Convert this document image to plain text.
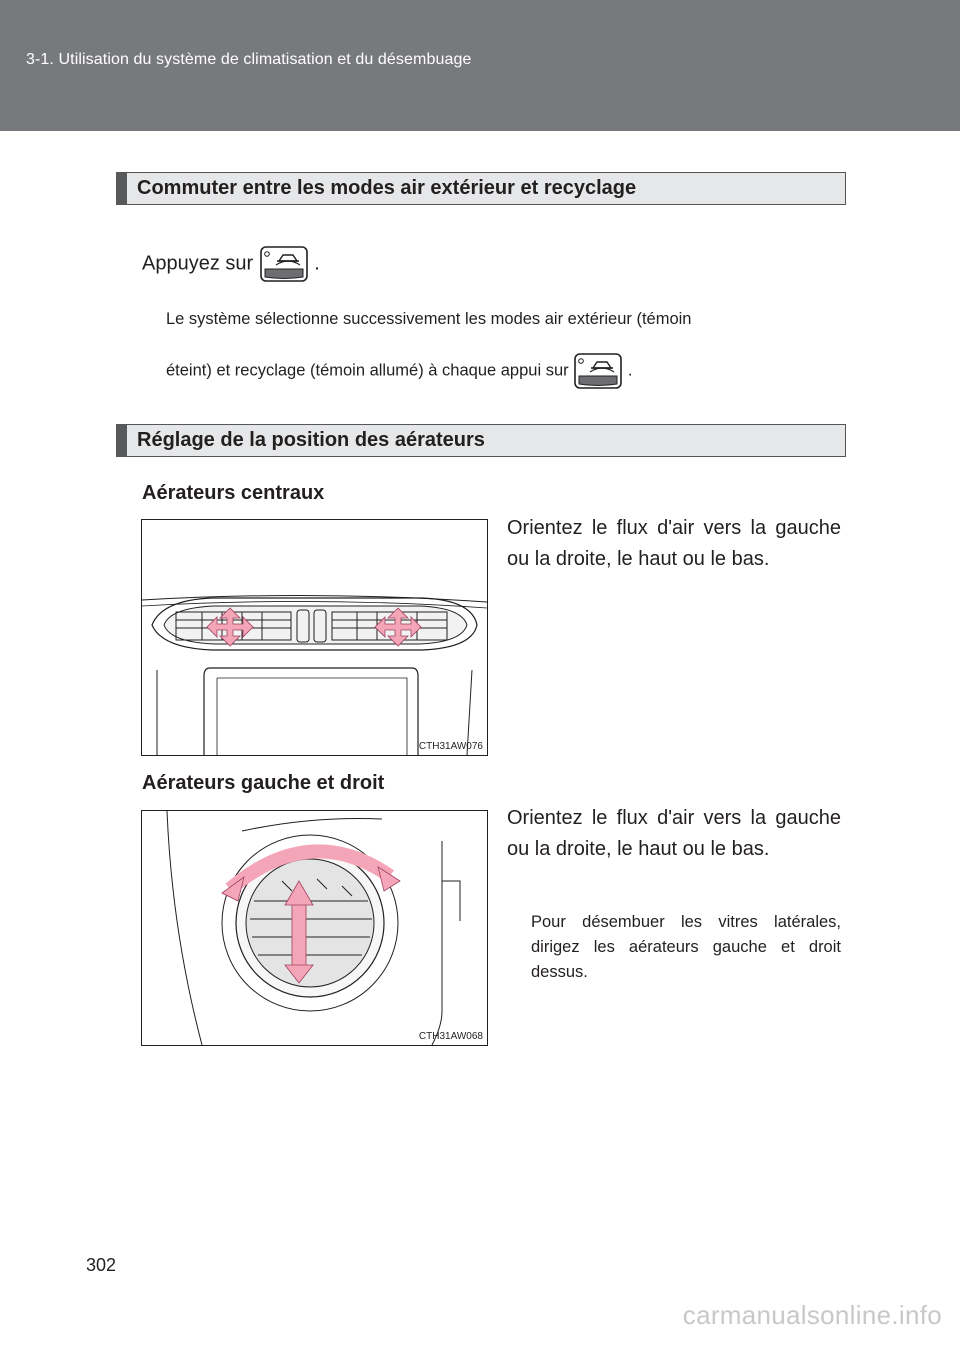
3-1. Utilisation du système de climatisation et du désembuage
Commuter entre les modes air extérieur et recyclage
Appuyez sur	.
Le système sélectionne successivement les modes air extérieur (témoin
éteint) et recyclage (témoin allumé) à chaque appui sur	.
Réglage de la position des aérateurs
Aérateurs centraux
CTH31AW076
Orientez le flux d'air vers la gauche ou la droite, le haut ou le bas.
Aérateurs gauche et droit
CTH31AW068
Orientez le flux d'air vers la gauche ou la droite, le haut ou le bas.
Pour désembuer les vitres latérales, dirigez les aérateurs gauche et droit dessus.
302
carmanualsonline.info
